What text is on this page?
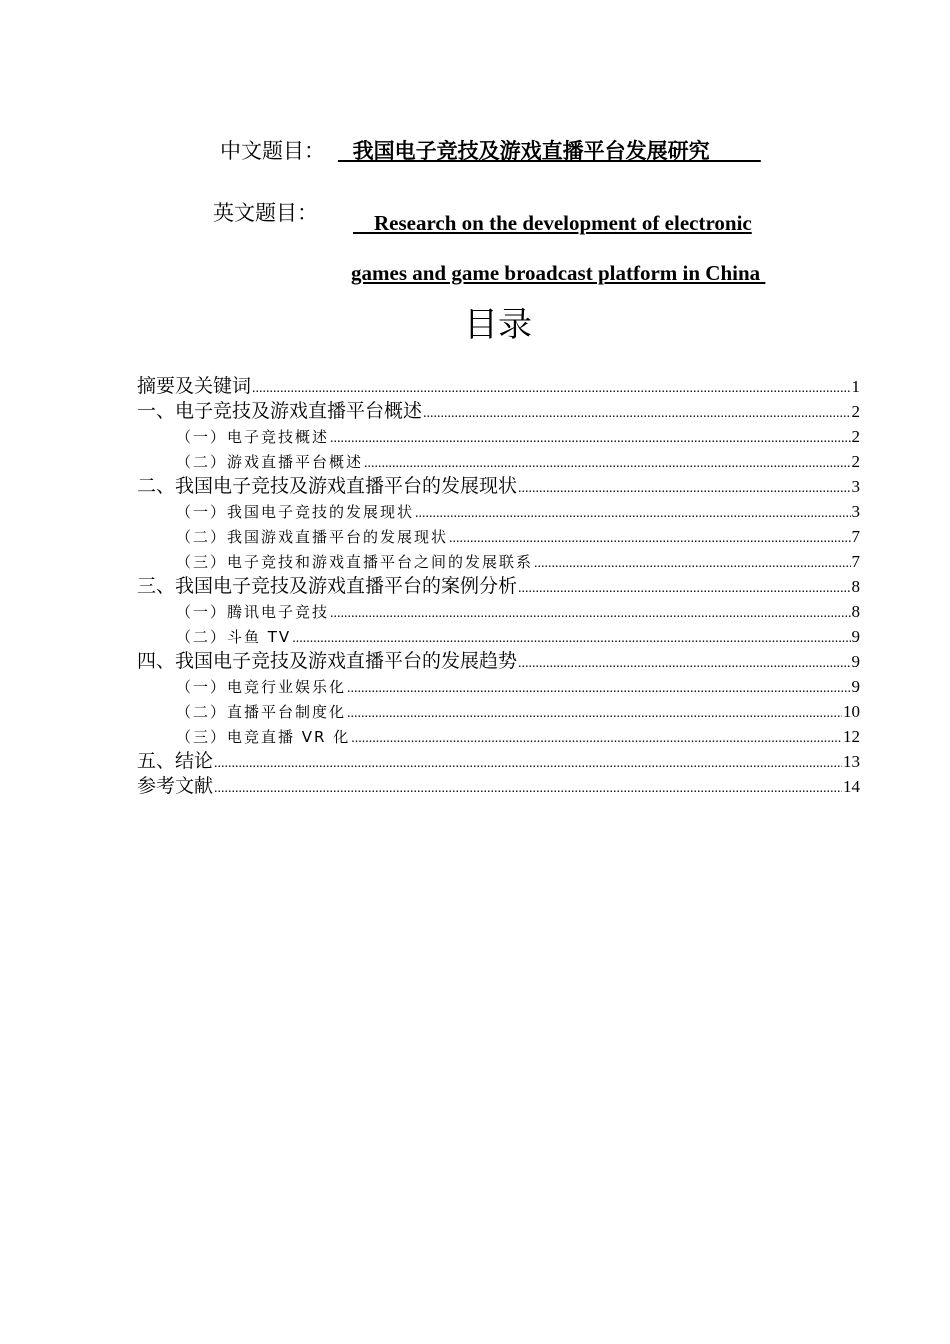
中文题目： 我国电子竞技及游戏直播平台发展研究
英文题目： Research on the development of electronic
games and game broadcast platform in China
目录
摘要及关键词 .....	1
一、电子竞技及游戏直播平台概述 .....	2
（一）电子竞技概述 .....	2
（二）游戏直播平台概述 .....	2
二、我国电子竞技及游戏直播平台的发展现状 .....	3
（一）我国电子竞技的发展现状 .....	3
（二）我国游戏直播平台的发展现状 .....	7
（三）电子竞技和游戏直播平台之间的发展联系 .....	7
三、我国电子竞技及游戏直播平台的案例分析 .....	8
（一）腾讯电子竞技 .....	8
（二）斗鱼 TV .....	9
四、我国电子竞技及游戏直播平台的发展趋势 .....	9
（一）电竞行业娱乐化 .....	9
（二）直播平台制度化 .....	10
（三）电竞直播 VR 化 .....	12
五、结论 .....	13
参考文献 .....	14
